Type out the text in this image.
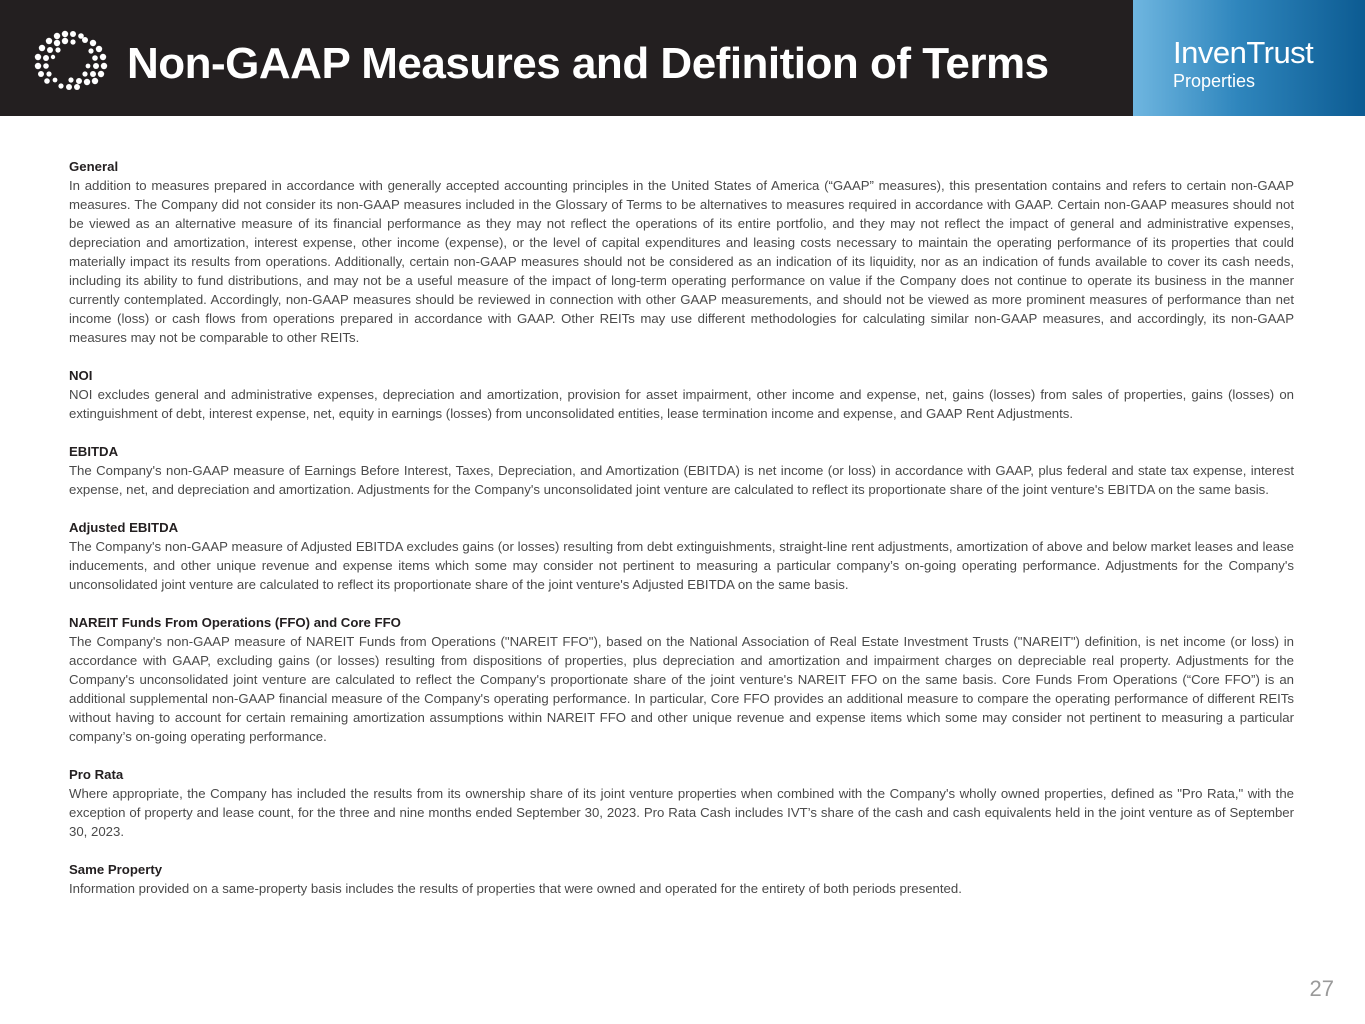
Non-GAAP Measures and Definition of Terms	InvenTrust
Properties
General

In addition to measures prepared in accordance with generally accepted accounting principles in the United States of America (“GAAP” measures), this presentation contains and refers to certain non-GAAP measures. The Company did not consider its non-GAAP measures included in the Glossary of Terms to be alternatives to measures required in accordance with GAAP. Certain non-GAAP measures should not be viewed as an alternative measure of its financial performance as they may not reflect the operations of its entire portfolio, and they may not reflect the impact of general and administrative expenses, depreciation and amortization, interest expense, other income (expense), or the level of capital expenditures and leasing costs necessary to maintain the operating performance of its properties that could materially impact its results from operations. Additionally, certain non-GAAP measures should not be considered as an indication of its liquidity, nor as an indication of funds available to cover its cash needs, including its ability to fund distributions, and may not be a useful measure of the impact of long-term operating performance on value if the Company does not continue to operate its business in the manner currently contemplated. Accordingly, non-GAAP measures should be reviewed in connection with other GAAP measurements, and should not be viewed as more prominent measures of performance than net income (loss) or cash flows from operations prepared in accordance with GAAP. Other REITs may use different methodologies for calculating similar non-GAAP measures, and accordingly, its non-GAAP measures may not be comparable to other REITs.

NOI

NOI excludes general and administrative expenses, depreciation and amortization, provision for asset impairment, other income and expense, net, gains (losses) from sales of properties, gains (losses) on extinguishment of debt, interest expense, net, equity in earnings (losses) from unconsolidated entities, lease termination income and expense, and GAAP Rent Adjustments.

EBITDA

The Company's non-GAAP measure of Earnings Before Interest, Taxes, Depreciation, and Amortization (EBITDA) is net income (or loss) in accordance with GAAP, plus federal and state tax expense, interest expense, net, and depreciation and amortization. Adjustments for the Company's unconsolidated joint venture are calculated to reflect its proportionate share of the joint venture's EBITDA on the same basis.

Adjusted EBITDA

The Company's non-GAAP measure of Adjusted EBITDA excludes gains (or losses) resulting from debt extinguishments, straight-line rent adjustments, amortization of above and below market leases and lease inducements, and other unique revenue and expense items which some may consider not pertinent to measuring a particular company’s on-going operating performance. Adjustments for the Company's unconsolidated joint venture are calculated to reflect its proportionate share of the joint venture's Adjusted EBITDA on the same basis.

NAREIT Funds From Operations (FFO) and Core FFO

The Company's non-GAAP measure of NAREIT Funds from Operations ("NAREIT FFO"), based on the National Association of Real Estate Investment Trusts ("NAREIT") definition, is net income (or loss) in accordance with GAAP, excluding gains (or losses) resulting from dispositions of properties, plus depreciation and amortization and impairment charges on depreciable real property. Adjustments for the Company's unconsolidated joint venture are calculated to reflect the Company's proportionate share of the joint venture's NAREIT FFO on the same basis. Core Funds From Operations (“Core FFO”) is an additional supplemental non-GAAP financial measure of the Company's operating performance. In particular, Core FFO provides an additional measure to compare the operating performance of different REITs without having to account for certain remaining amortization assumptions within NAREIT FFO and other unique revenue and expense items which some may consider not pertinent to measuring a particular company’s on-going operating performance.

Pro Rata

Where appropriate, the Company has included the results from its ownership share of its joint venture properties when combined with the Company's wholly owned properties, defined as "Pro Rata," with the exception of property and lease count, for the three and nine months ended September 30, 2023. Pro Rata Cash includes IVT’s share of the cash and cash equivalents held in the joint venture as of September 30, 2023.

Same Property

Information provided on a same-property basis includes the results of properties that were owned and operated for the entirety of both periods presented.

27
